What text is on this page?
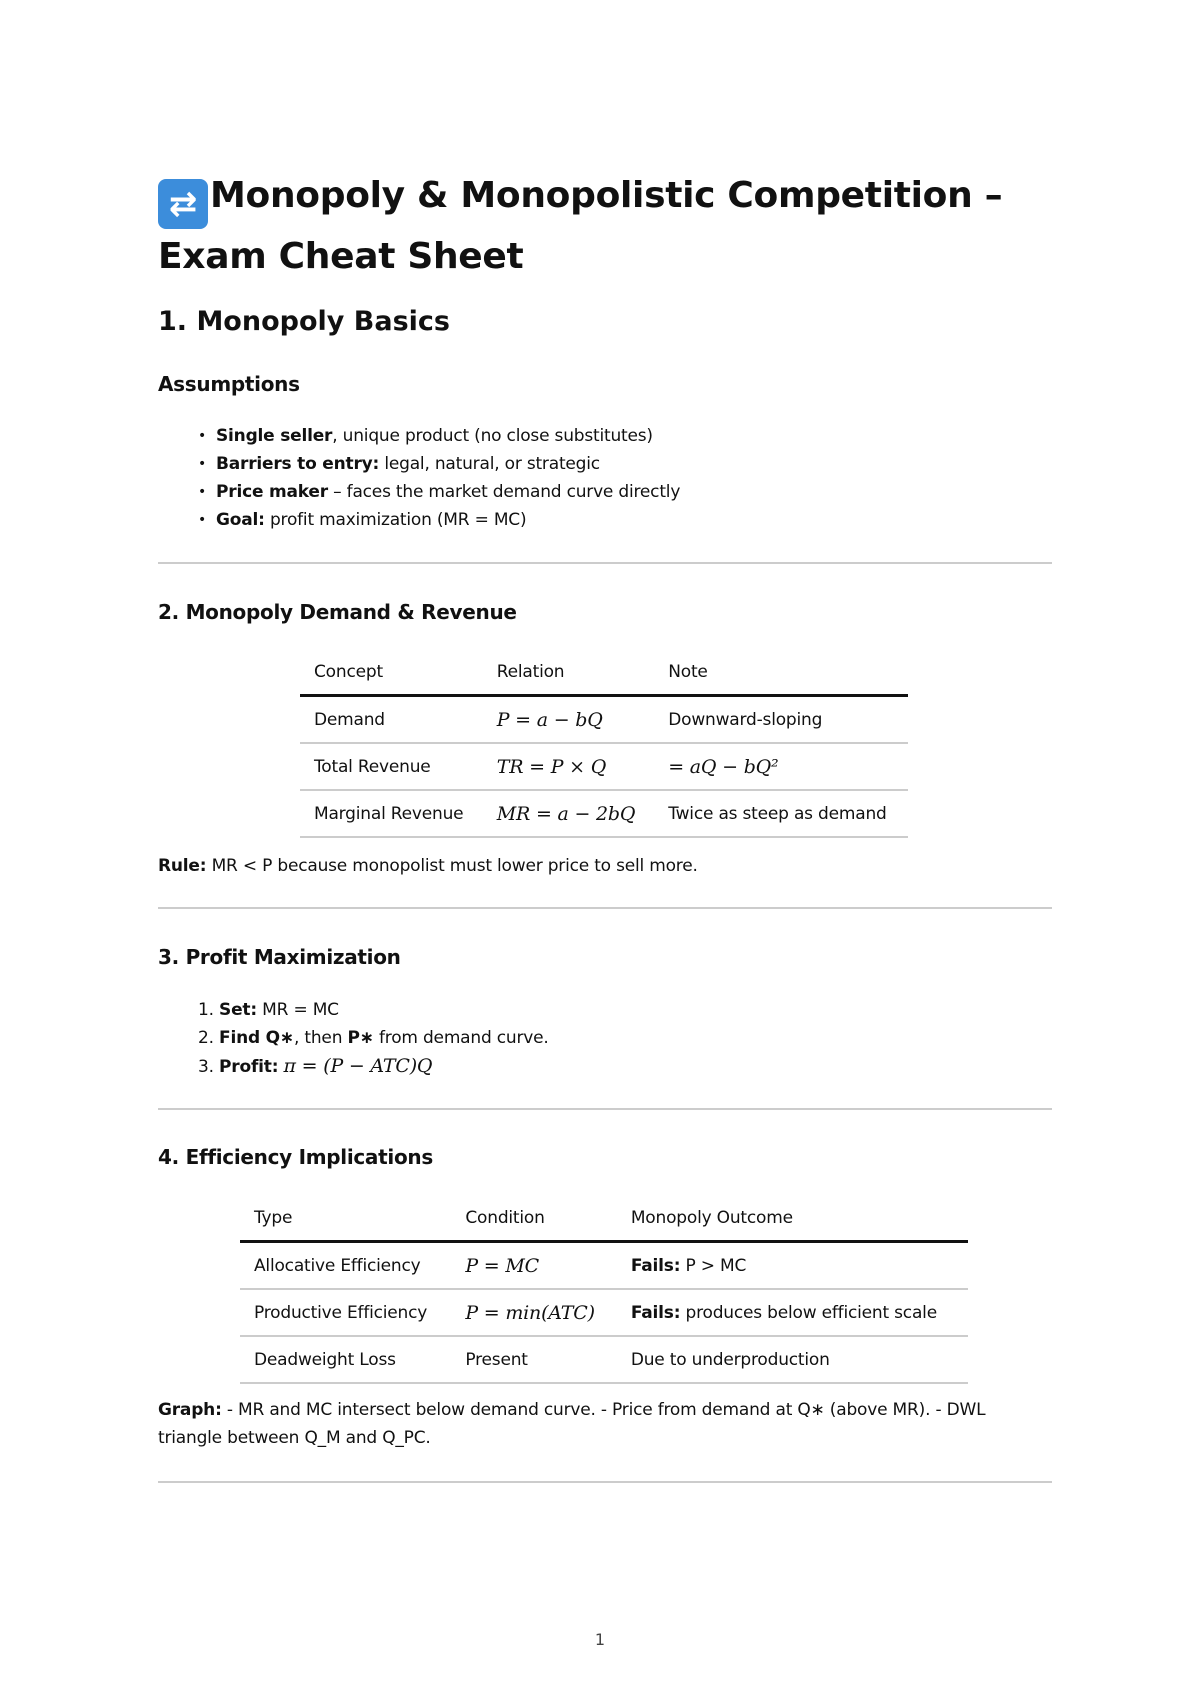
⇄ Monopoly & Monopolistic Competition – Exam Cheat Sheet
1. Monopoly Basics
Assumptions
• Single seller, unique product (no close substitutes)
• Barriers to entry: legal, natural, or strategic
• Price maker – faces the market demand curve directly
• Goal: profit maximization (MR = MC)
2. Monopoly Demand & Revenue
Concept	Relation	Note
Demand	P = a − bQ	Downward-sloping
Total Revenue	TR = P × Q	= aQ − bQ²
Marginal Revenue	MR = a − 2bQ	Twice as steep as demand

Rule: MR < P because monopolist must lower price to sell more.

3. Profit Maximization
1. Set: MR = MC
2. Find Q∗, then P∗ from demand curve.
3. Profit: π = (P − ATC)Q
4. Efficiency Implications
Type	Condition	Monopoly Outcome
Allocative Efficiency	P = MC	Fails: P > MC
Productive Efficiency	P = min(ATC)	Fails: produces below efficient scale
Deadweight Loss	Present	Due to underproduction

Graph: - MR and MC intersect below demand curve. - Price from demand at Q∗ (above MR). - DWL triangle between Q_M and Q_PC.

1
